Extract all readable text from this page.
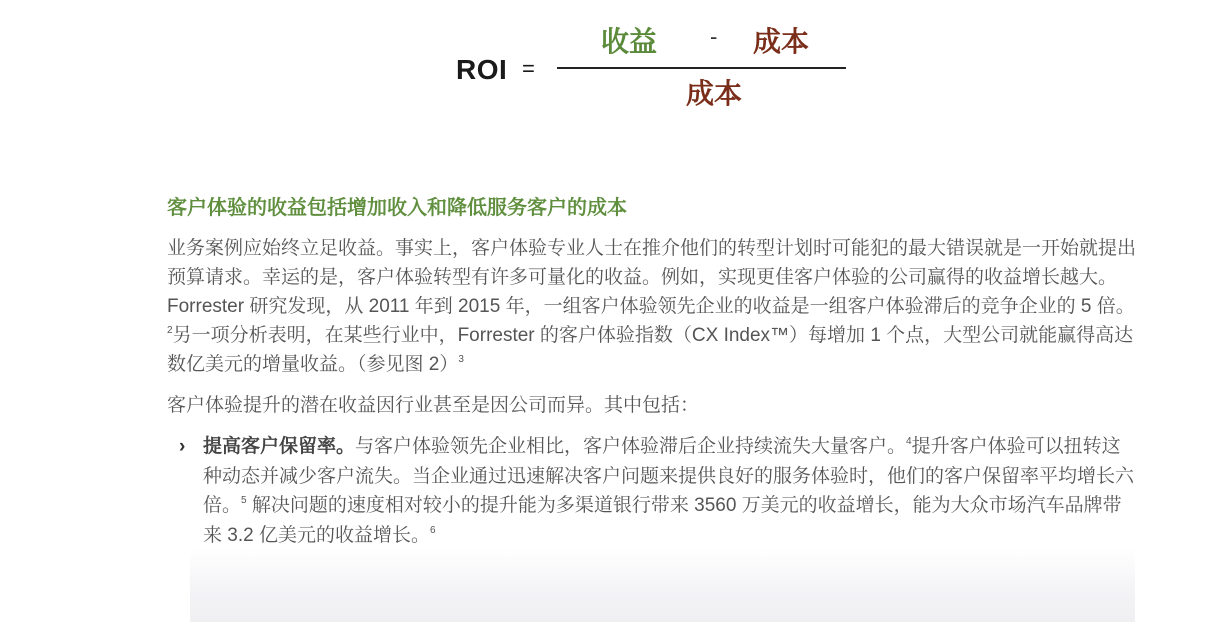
ROI =
收益 - 成本
成本
客户体验的收益包括增加收入和降低服务客户的成本

业务案例应始终立足收益。事实上，客户体验专业人士在推介他们的转型计划时可能犯的最大错误就是一开始就提出预算请求。幸运的是，客户体验转型有许多可量化的收益。例如，实现更佳客户体验的公司赢得的收益增长越大。Forrester 研究发现，从 2011 年到 2015 年，一组客户体验领先企业的收益是一组客户体验滞后的竞争企业的 5 倍。$^2$另一项分析表明，在某些行业中，Forrester 的客户体验指数（CX Index™）每增加 1 个点，大型公司就能赢得高达数亿美元的增量收益。（参见图 2）$^3$

客户体验提升的潜在收益因行业甚至是因公司而异。其中包括：

› 提高客户保留率。与客户体验领先企业相比，客户体验滞后企业持续流失大量客户。$^4$提升客户体验可以扭转这种动态并减少客户流失。当企业通过迅速解决客户问题来提供良好的服务体验时，他们的客户保留率平均增长六倍。$^5$ 解决问题的速度相对较小的提升能为多渠道银行带来 3560 万美元的收益增长，能为大众市场汽车品牌带来 3.2 亿美元的收益增长。$^6$
